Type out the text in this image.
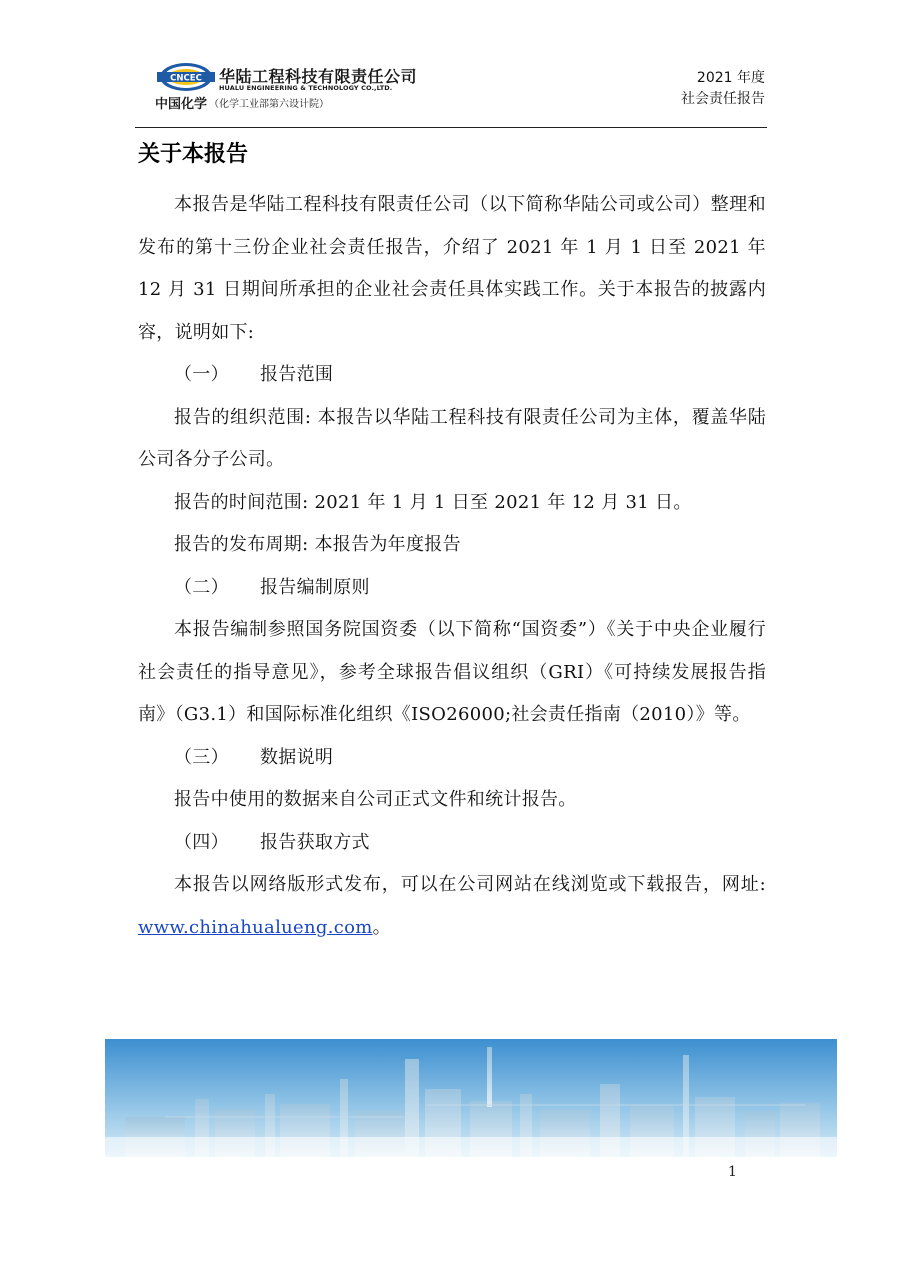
CNCEC 华陆工程科技有限责任公司
HUALU ENGINEERING & TECHNOLOGY CO.,LTD.
中国化学 （化学工业部第六设计院）
2021 年度
社会责任报告
关于本报告

本报告是华陆工程科技有限责任公司（以下简称华陆公司或公司）整理和发布的第十三份企业社会责任报告，介绍了 2021 年 1 月 1 日至 2021 年 12 月 31 日期间所承担的企业社会责任具体实践工作。关于本报告的披露内容，说明如下:

（一） 报告范围

报告的组织范围: 本报告以华陆工程科技有限责任公司为主体，覆盖华陆公司各分子公司。

报告的时间范围: 2021 年 1 月 1 日至 2021 年 12 月 31 日。

报告的发布周期: 本报告为年度报告

（二） 报告编制原则

本报告编制参照国务院国资委（以下简称“国资委”）《关于中央企业履行社会责任的指导意见》，参考全球报告倡议组织（GRI）《可持续发展报告指南》（G3.1）和国际标准化组织《ISO26000;社会责任指南（2010）》等。

（三） 数据说明

报告中使用的数据来自公司正式文件和统计报告。

（四） 报告获取方式

本报告以网络版形式发布，可以在公司网站在线浏览或下载报告，网址: www.chinahualueng.com。

1
